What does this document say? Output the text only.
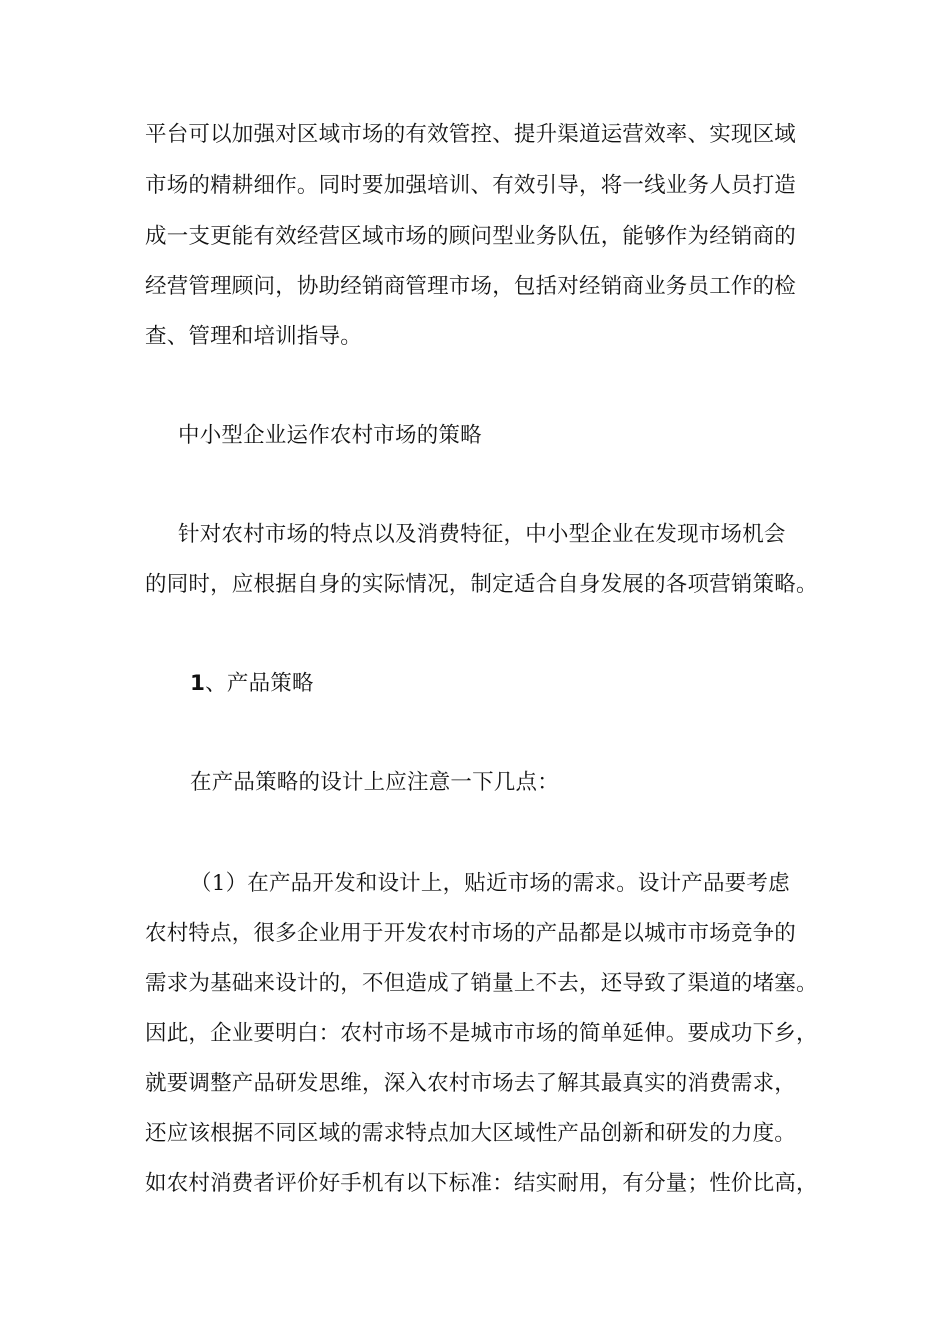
平台可以加强对区域市场的有效管控、提升渠道运营效率、实现区域
市场的精耕细作。同时要加强培训、有效引导，将一线业务人员打造
成一支更能有效经营区域市场的顾问型业务队伍，能够作为经销商的
经营管理顾问，协助经销商管理市场，包括对经销商业务员工作的检
查、管理和培训指导。
中小型企业运作农村市场的策略
针对农村市场的特点以及消费特征，中小型企业在发现市场机会
的同时，应根据自身的实际情况，制定适合自身发展的各项营销策略。
1、产品策略
在产品策略的设计上应注意一下几点：
（1）在产品开发和设计上，贴近市场的需求。设计产品要考虑
农村特点，很多企业用于开发农村市场的产品都是以城市市场竞争的
需求为基础来设计的，不但造成了销量上不去，还导致了渠道的堵塞。
因此，企业要明白：农村市场不是城市市场的简单延伸。要成功下乡，
就要调整产品研发思维，深入农村市场去了解其最真实的消费需求，
还应该根据不同区域的需求特点加大区域性产品创新和研发的力度。
如农村消费者评价好手机有以下标准：结实耐用，有分量；性价比高，
